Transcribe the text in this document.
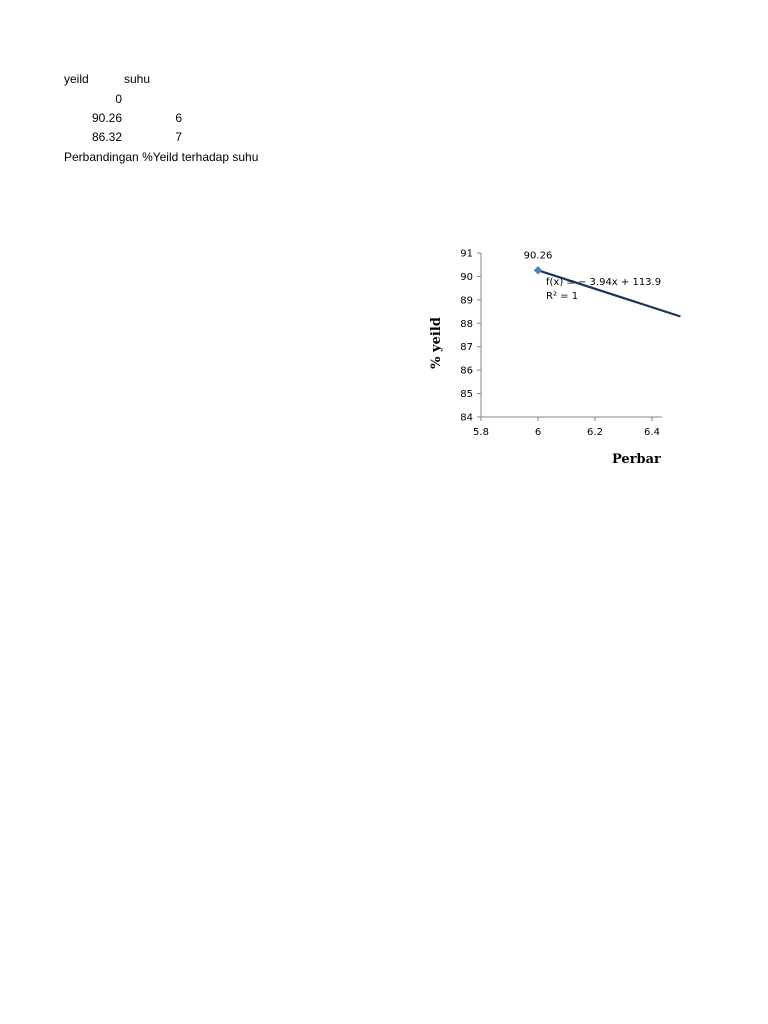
yeild	suhu
0
90.26	6
86.32	7
Perbandingan %Yeild terhadap suhu
84
85
86
87
88
89
90
91
5.8	6	6.2	6.4
90.26
f(x) = − 3.94x + 113.9
R² = 1
% yeild
Perbar
